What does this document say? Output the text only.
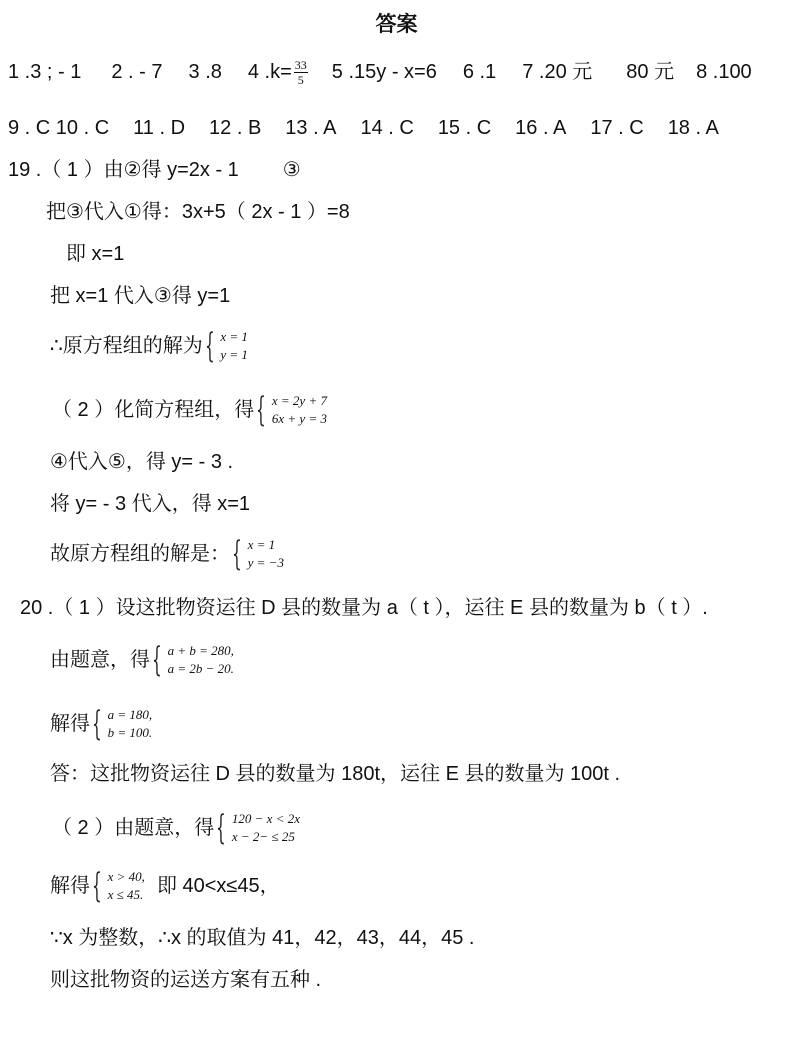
答案
1 .3 ; - 1 2 . - 7 3 .8 4 $.k= \frac{33}{5} 5$ .15y - x=6 6 .1 7 .20 元 80 元 8 .100
9 . C 10 . C 11 . D 12 . B 13 . A 14 . C 15 . C 16 . A 17 . C 18 . A
19 .（ 1 ）由②得 y=2x - 1 ③
把③代入①得：3x+5（ 2x - 1 ）=8
即 x=1
把 x=1 代入③得 y=1
∴原方程组的解为 { x = 1
y = 1
（ 2 ）化简方程组，得 { x = 2y + 7
6x + y = 3
④代入⑤，得 y= - 3 .
将 y= - 3 代入，得 x=1
故原方程组的解是： { x = 1
y = −3
20 .（ 1 ）设这批物资运往 D 县的数量为 a（ t ），运往 E 县的数量为 b（ t ）.
由题意，得 { a + b = 280,
a = 2b − 20.
解得 { a = 180,
b = 100.
答：这批物资运往 D 县的数量为 180t，运往 E 县的数量为 100t .
（ 2 ）由题意，得 { 120 − x < 2x
x − 2− ≤ 25
解得 { x > 40,
x ≤ 45. 即 40<x≤45，
∵x 为整数，∴x 的取值为 41，42，43，44，45 .
则这批物资的运送方案有五种 .
